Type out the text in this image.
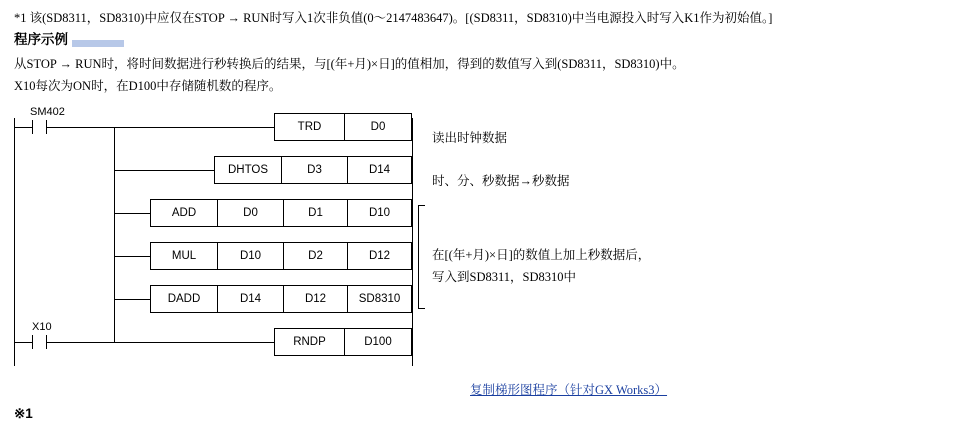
*1 该(SD8311，SD8310)中应仅在STOP → RUN时写入1次非负值(0～2147483647)。[(SD8311，SD8310)中当电源投入时写入K1作为初始值。]
程序示例
从STOP → RUN时，将时间数据进行秒转换后的结果，与[(年+月)×日]的值相加，得到的数值写入到(SD8311，SD8310)中。
X10每次为ON时，在D100中存储随机数的程序。
SM402
TRD	D0
DHTOS	D3	D14
ADD	D0	D1	D10
MUL	D10	D2	D12
DADD	D14	D12	SD8310
X10
RNDP	D100
读出时钟数据
时、分、秒数据→秒数据
在[(年+月)×日]的数值上加上秒数据后，
写入到SD8311，SD8310中
复制梯形图程序（针对GX Works3）
※1
